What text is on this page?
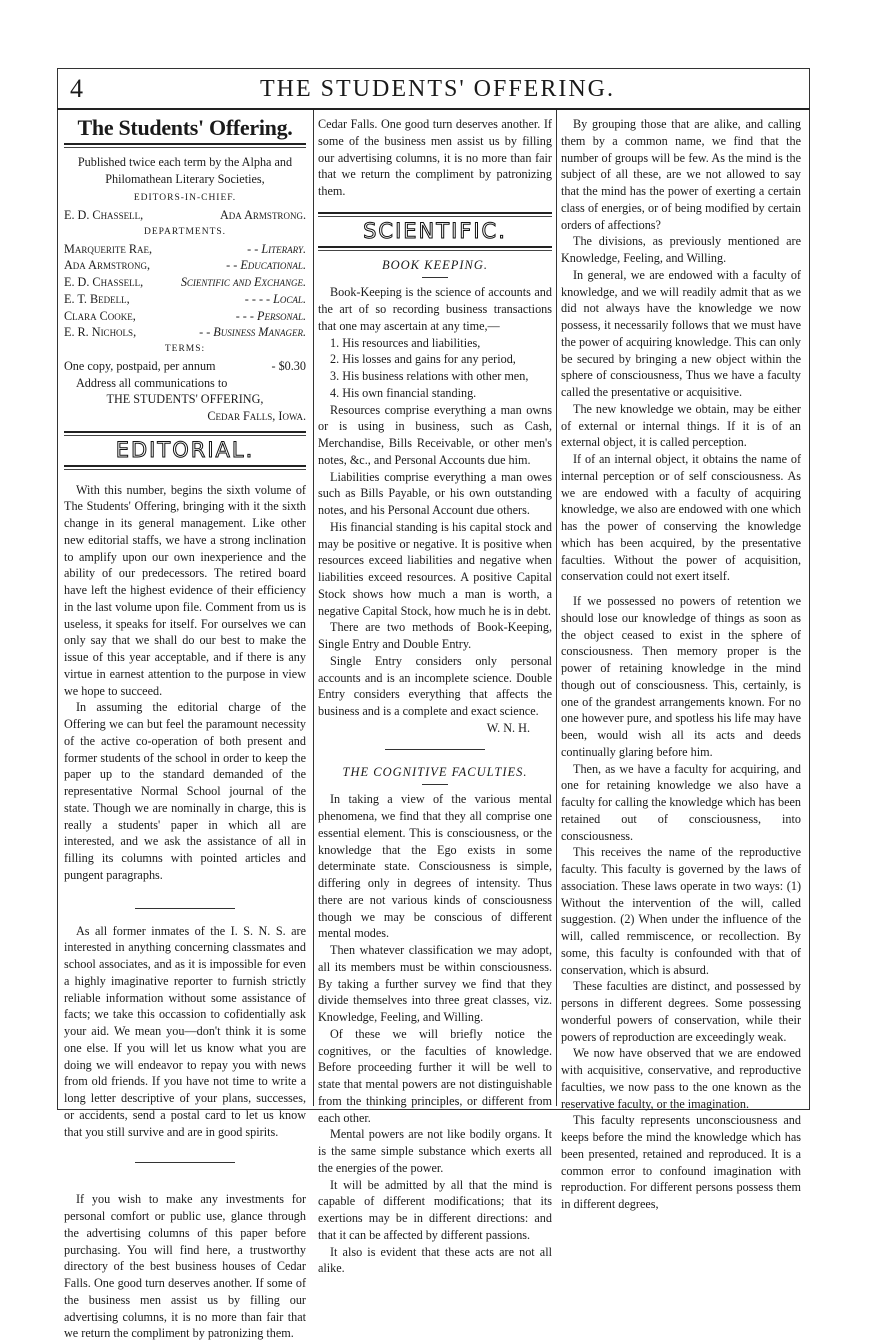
4	THE STUDENTS' OFFERING.
The Students' Offering.
Published twice each term by the Alpha and Philomathean Literary Societies,
EDITORS-IN-CHIEF.
E. D. Chassell,	Ada Armstrong.
DEPARTMENTS.
Marquerite Rae,	- - Literary.
Ada Armstrong,	- - Educational.
E. D. Chassell,	Scientific and Exchange.
E. T. Bedell,	- - - - Local.
Clara Cooke,	- - - Personal.
E. R. Nichols,	- - Business Manager.
TERMS:
One copy, postpaid, per annum	- $0.30
Address all communications to
THE STUDENTS' OFFERING,
Cedar Falls, Iowa.
EDITORIAL.

With this number, begins the sixth volume of The Students' Offering, bringing with it the sixth change in its general management. Like other new editorial staffs, we have a strong inclination to amplify upon our own inexperience and the ability of our predecessors. The retired board have left the highest evidence of their efficiency in the last volume upon file. Comment from us is useless, it speaks for itself. For ourselves we can only say that we shall do our best to make the issue of this year acceptable, and if there is any virtue in earnest attention to the purpose in view we hope to succeed.

In assuming the editorial charge of the Offering we can but feel the paramount necessity of the active co-operation of both present and former students of the school in order to keep the paper up to the standard demanded of the representative Normal School journal of the state. Though we are nominally in charge, this is really a students' paper in which all are interested, and we ask the assistance of all in filling its columns with pointed articles and pungent paragraphs.

As all former inmates of the I. S. N. S. are interested in anything concerning classmates and school associates, and as it is impossible for even a highly imaginative reporter to furnish strictly reliable information without some assistance of facts; we take this occassion to cofidentially ask your aid. We mean you—don't think it is some one else. If you will let us know what you are doing we will endeavor to repay you with news from old friends. If you have not time to write a long letter descriptive of your plans, successes, or accidents, send a postal card to let us know that you still survive and are in good spirits.

If you wish to make any investments for personal comfort or public use, glance through the advertising columns of this paper before purchasing. You will find here, a trustworthy directory of the best business houses of Cedar Falls. One good turn deserves another. If some of the business men assist us by filling our advertising columns, it is no more than fair that we return the compliment by patronizing them.

Cedar Falls. One good turn deserves another. If some of the business men assist us by filling our advertising columns, it is no more than fair that we return the compliment by patronizing them.

SCIENTIFIC.
BOOK KEEPING.

Book-Keeping is the science of accounts and the art of so recording business transactions that one may ascertain at any time,—

1. His resources and liabilities,
2. His losses and gains for any period,
3. His business relations with other men,
4. His own financial standing.

Resources comprise everything a man owns or is using in business, such as Cash, Merchandise, Bills Receivable, or other men's notes, &c., and Personal Accounts due him.

Liabilities comprise everything a man owes such as Bills Payable, or his own outstanding notes, and his Personal Account due others.

His financial standing is his capital stock and may be positive or negative. It is positive when resources exceed liabilities and negative when liabilities exceed resources. A positive Capital Stock shows how much a man is worth, a negative Capital Stock, how much he is in debt.

There are two methods of Book-Keeping, Single Entry and Double Entry.

Single Entry considers only personal accounts and is an incomplete science. Double Entry considers everything that affects the business and is a complete and exact science.

W. N. H.
THE COGNITIVE FACULTIES.

In taking a view of the various mental phenomena, we find that they all comprise one essential element. This is consciousness, or the knowledge that the Ego exists in some determinate state. Consciousness is simple, differing only in degrees of intensity. Thus there are not various kinds of consciousness though we may be conscious of different mental modes.

Then whatever classification we may adopt, all its members must be within consciousness. By taking a further survey we find that they divide themselves into three great classes, viz. Knowledge, Feeling, and Willing.

Of these we will briefly notice the cognitives, or the faculties of knowledge. Before proceeding further it will be well to state that mental powers are not distinguishable from the thinking principles, or different from each other.

Mental powers are not like bodily organs. It is the same simple substance which exerts all the energies of the power.

It will be admitted by all that the mind is capable of different modifications; that its exertions may be in different directions: and that it can be affected by different passions.

It also is evident that these acts are not all alike.

By grouping those that are alike, and calling them by a common name, we find that the number of groups will be few. As the mind is the subject of all these, are we not allowed to say that the mind has the power of exerting a certain class of energies, or of being modified by certain orders of affections?

The divisions, as previously mentioned are Knowledge, Feeling, and Willing.

In general, we are endowed with a faculty of knowledge, and we will readily admit that as we did not always have the knowledge we now possess, it necessarily follows that we must have the power of acquiring knowledge. This can only be secured by bringing a new object within the sphere of consciousness, Thus we have a faculty called the presentative or acquisitive.

The new knowledge we obtain, may be either of external or internal things. If it is of an external object, it is called perception.

If of an internal object, it obtains the name of internal perception or of self consciousness. As we are endowed with a faculty of acquiring knowledge, we also are endowed with one which has the power of conserving the knowledge which has been acquired, by the presentative faculties. Without the power of acquisition, conservation could not exert itself.

If we possessed no powers of retention we should lose our knowledge of things as soon as the object ceased to exist in the sphere of consciousness. Then memory proper is the power of retaining knowledge in the mind though out of consciousness. This, certainly, is one of the grandest arrangements known. For no one however pure, and spotless his life may have been, would wish all its acts and deeds continually glaring before him.

Then, as we have a faculty for acquiring, and one for retaining knowledge we also have a faculty for calling the knowledge which has been retained out of consciousness, into consciousness.

This receives the name of the reproductive faculty. This faculty is governed by the laws of association. These laws operate in two ways: (1) Without the intervention of the will, called suggestion. (2) When under the influence of the will, called remmiscence, or recollection. By some, this faculty is confounded with that of conservation, which is absurd.

These faculties are distinct, and possessed by persons in different degrees. Some possessing wonderful powers of conservation, while their powers of reproduction are exceedingly weak.

We now have observed that we are endowed with acquisitive, conservative, and reproductive faculties, we now pass to the one known as the reservative faculty, or the imagination.

This faculty represents unconsciousness and keeps before the mind the knowledge which has been presented, retained and reproduced. It is a common error to confound imagination with reproduction. For different persons possess them in different degrees,
